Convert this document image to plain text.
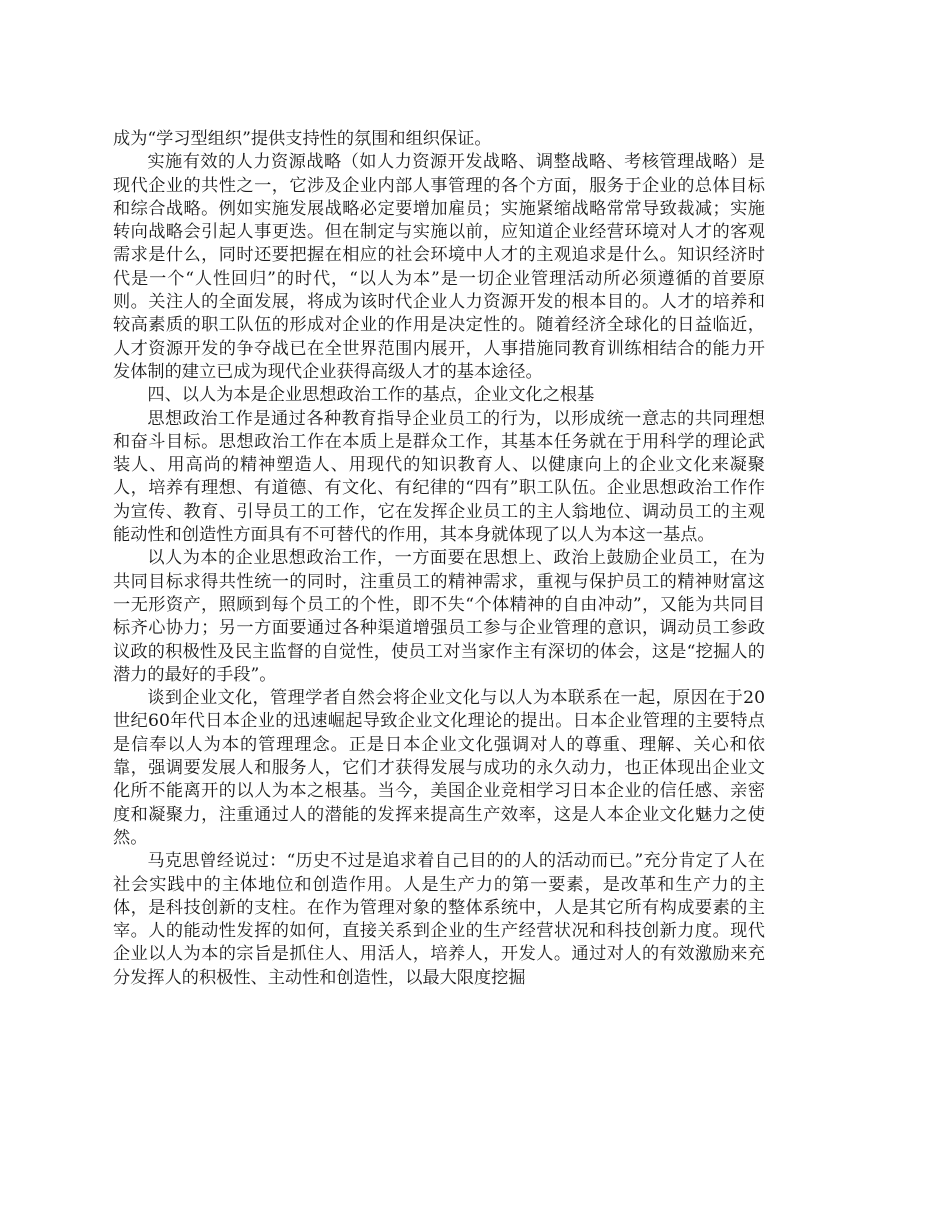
成为“学习型组织”提供支持性的氛围和组织保证。

实施有效的人力资源战略（如人力资源开发战略、调整战略、考核管理战略）是现代企业的共性之一，它涉及企业内部人事管理的各个方面，服务于企业的总体目标和综合战略。例如实施发展战略必定要增加雇员；实施紧缩战略常常导致裁减；实施转向战略会引起人事更迭。但在制定与实施以前，应知道企业经营环境对人才的客观需求是什么，同时还要把握在相应的社会环境中人才的主观追求是什么。知识经济时代是一个“人性回归”的时代，“以人为本”是一切企业管理活动所必须遵循的首要原则。关注人的全面发展，将成为该时代企业人力资源开发的根本目的。人才的培养和较高素质的职工队伍的形成对企业的作用是决定性的。随着经济全球化的日益临近，人才资源开发的争夺战已在全世界范围内展开，人事措施同教育训练相结合的能力开发体制的建立已成为现代企业获得高级人才的基本途径。

四、以人为本是企业思想政治工作的基点，企业文化之根基

思想政治工作是通过各种教育指导企业员工的行为，以形成统一意志的共同理想和奋斗目标。思想政治工作在本质上是群众工作，其基本任务就在于用科学的理论武装人、用高尚的精神塑造人、用现代的知识教育人、以健康向上的企业文化来凝聚人，培养有理想、有道德、有文化、有纪律的“四有”职工队伍。企业思想政治工作作为宣传、教育、引导员工的工作，它在发挥企业员工的主人翁地位、调动员工的主观能动性和创造性方面具有不可替代的作用，其本身就体现了以人为本这一基点。

以人为本的企业思想政治工作，一方面要在思想上、政治上鼓励企业员工，在为共同目标求得共性统一的同时，注重员工的精神需求，重视与保护员工的精神财富这一无形资产，照顾到每个员工的个性，即不失“个体精神的自由冲动”，又能为共同目标齐心协力；另一方面要通过各种渠道增强员工参与企业管理的意识，调动员工参政议政的积极性及民主监督的自觉性，使员工对当家作主有深切的体会，这是“挖掘人的潜力的最好的手段”。

谈到企业文化，管理学者自然会将企业文化与以人为本联系在一起，原因在于20世纪60年代日本企业的迅速崛起导致企业文化理论的提出。日本企业管理的主要特点是信奉以人为本的管理理念。正是日本企业文化强调对人的尊重、理解、关心和依靠，强调要发展人和服务人，它们才获得发展与成功的永久动力，也正体现出企业文化所不能离开的以人为本之根基。当今，美国企业竞相学习日本企业的信任感、亲密度和凝聚力，注重通过人的潜能的发挥来提高生产效率，这是人本企业文化魅力之使然。

马克思曾经说过：“历史不过是追求着自己目的的人的活动而已。”充分肯定了人在社会实践中的主体地位和创造作用。人是生产力的第一要素，是改革和生产力的主体，是科技创新的支柱。在作为管理对象的整体系统中，人是其它所有构成要素的主宰。人的能动性发挥的如何，直接关系到企业的生产经营状况和科技创新力度。现代企业以人为本的宗旨是抓住人、用活人，培养人，开发人。通过对人的有效激励来充分发挥人的积极性、主动性和创造性，以最大限度挖掘
